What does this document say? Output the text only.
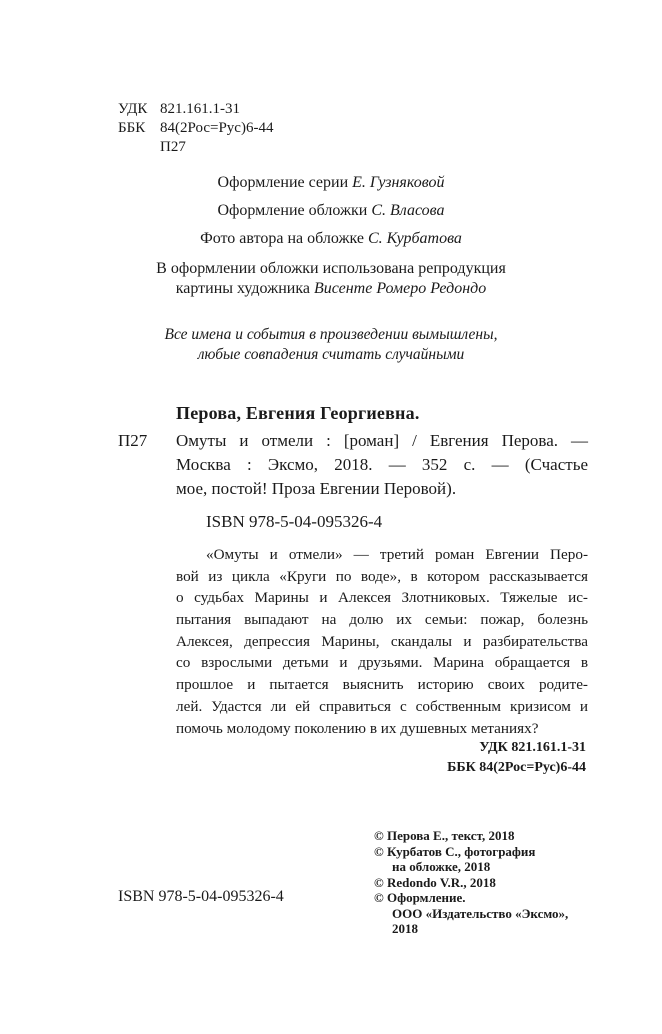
УДК 821.161.1-31
ББК 84(2Рос=Рус)6-44
П27
Оформление серии Е. Гузняковой
Оформление обложки С. Власова
Фото автора на обложке С. Курбатова
В оформлении обложки использована репродукция
картины художника Висенте Ромеро Редондо
Все имена и события в произведении вымышлены,
любые совпадения считать случайными
Перова, Евгения Георгиевна.
П27 Омуты и отмели : [роман] / Евгения Перова. —
Москва : Эксмо, 2018. — 352 с. — (Счастье
мое, постой! Проза Евгении Перовой).
ISBN 978-5-04-095326-4
«Омуты и отмели» — третий роман Евгении Перо-
вой из цикла «Круги по воде», в котором рассказывается
о судьбах Марины и Алексея Злотниковых. Тяжелые ис-
пытания выпадают на долю их семьи: пожар, болезнь
Алексея, депрессия Марины, скандалы и разбирательства
со взрослыми детьми и друзьями. Марина обращается в
прошлое и пытается выяснить историю своих родите-
лей. Удастся ли ей справиться с собственным кризисом и
помочь молодому поколению в их душевных метаниях?
УДК 821.161.1-31
ББК 84(2Рос=Рус)6-44
© Перова Е., текст, 2018
© Курбатов С., фотография
на обложке, 2018
© Redondo V.R., 2018
© Оформление.
ООО «Издательство «Эксмо»,
2018
ISBN 978-5-04-095326-4
